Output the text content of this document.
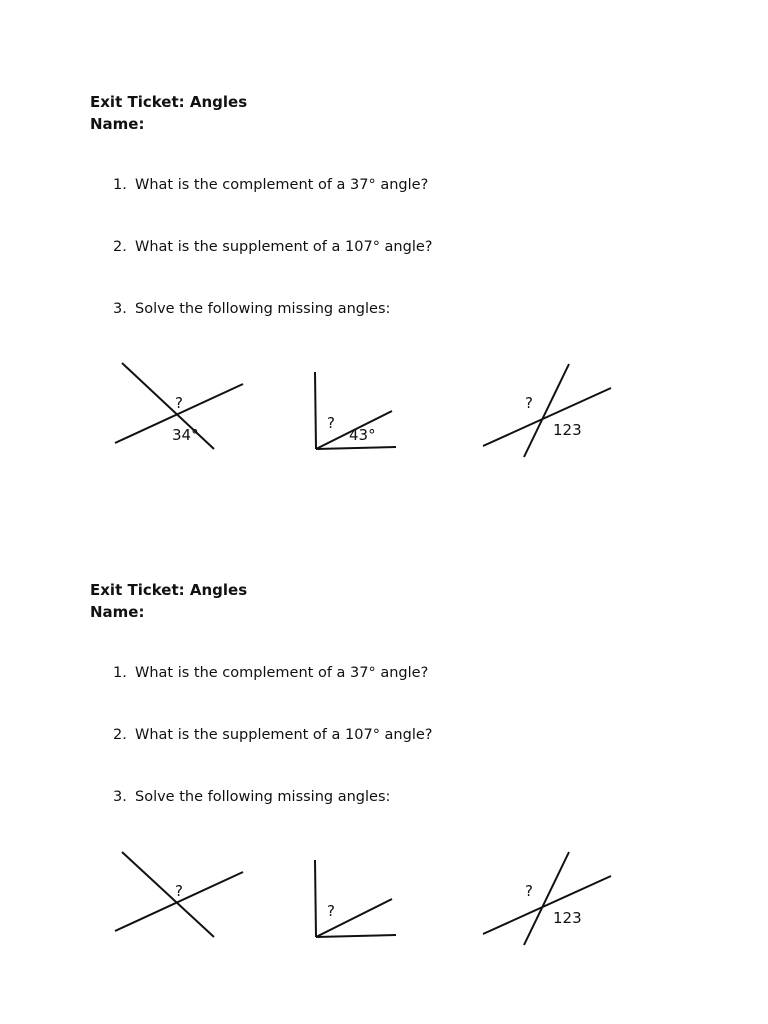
Exit Ticket: Angles
Name:
1. What is the complement of a 37° angle?
2. What is the supplement of a 107° angle?
3. Solve the following missing angles:
?
34°
?
43°
?
123
Exit Ticket: Angles
Name:
1. What is the complement of a 37° angle?
2. What is the supplement of a 107° angle?
3. Solve the following missing angles:
?
?
?
123
